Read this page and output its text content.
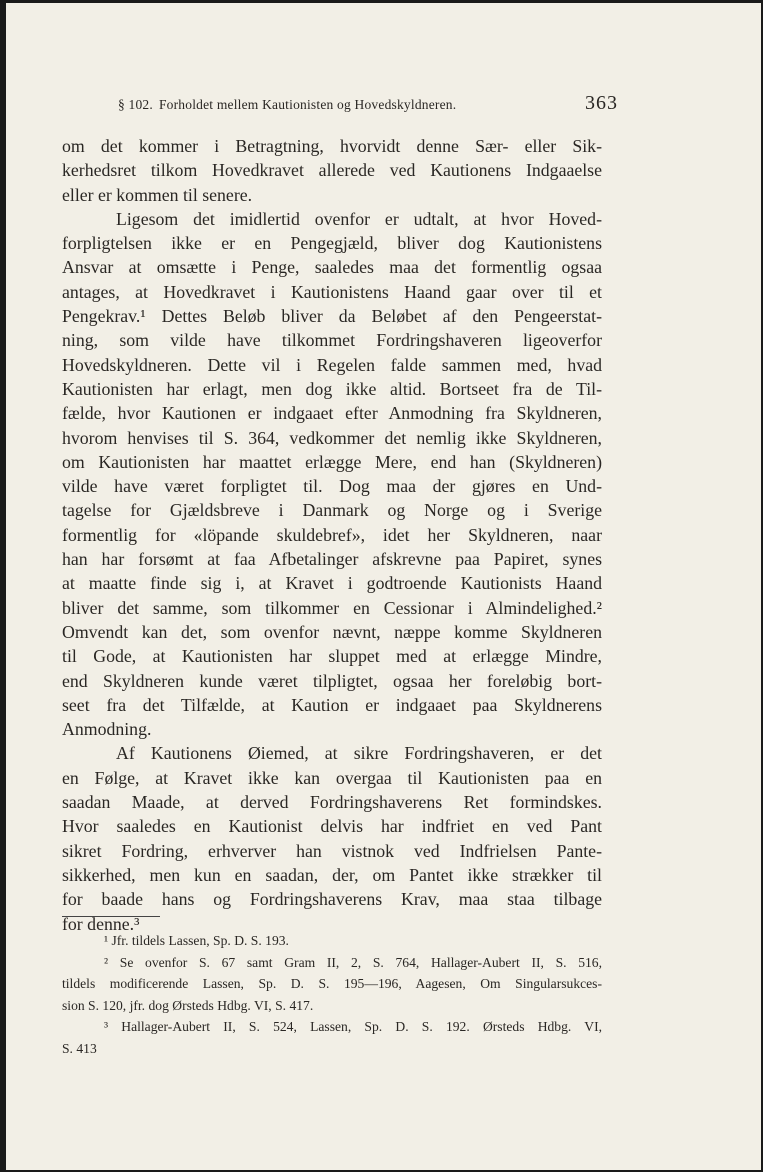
§ 102. Forholdet mellem Kautionisten og Hovedskyldneren.	363
om det kommer i Betragtning, hvorvidt denne Sær- eller Sik-
kerhedsret tilkom Hovedkravet allerede ved Kautionens Indgaaelse
eller er kommen til senere.
Ligesom det imidlertid ovenfor er udtalt, at hvor Hoved-
forpligtelsen ikke er en Pengegjæld, bliver dog Kautionistens
Ansvar at omsætte i Penge, saaledes maa det formentlig ogsaa
antages, at Hovedkravet i Kautionistens Haand gaar over til et
Pengekrav.¹ Dettes Beløb bliver da Beløbet af den Pengeerstat-
ning, som vilde have tilkommet Fordringshaveren ligeoverfor
Hovedskyldneren. Dette vil i Regelen falde sammen med, hvad
Kautionisten har erlagt, men dog ikke altid. Bortseet fra de Til-
fælde, hvor Kautionen er indgaaet efter Anmodning fra Skyldneren,
hvorom henvises til S. 364, vedkommer det nemlig ikke Skyldneren,
om Kautionisten har maattet erlægge Mere, end han (Skyldneren)
vilde have været forpligtet til. Dog maa der gjøres en Und-
tagelse for Gjældsbreve i Danmark og Norge og i Sverige
formentlig for «löpande skuldebref», idet her Skyldneren, naar
han har forsømt at faa Afbetalinger afskrevne paa Papiret, synes
at maatte finde sig i, at Kravet i godtroende Kautionists Haand
bliver det samme, som tilkommer en Cessionar i Almindelighed.²
Omvendt kan det, som ovenfor nævnt, næppe komme Skyldneren
til Gode, at Kautionisten har sluppet med at erlægge Mindre,
end Skyldneren kunde været tilpligtet, ogsaa her foreløbig bort-
seet fra det Tilfælde, at Kaution er indgaaet paa Skyldnerens
Anmodning.
Af Kautionens Øiemed, at sikre Fordringshaveren, er det
en Følge, at Kravet ikke kan overgaa til Kautionisten paa en
saadan Maade, at derved Fordringshaverens Ret formindskes.
Hvor saaledes en Kautionist delvis har indfriet en ved Pant
sikret Fordring, erhverver han vistnok ved Indfrielsen Pante-
sikkerhed, men kun en saadan, der, om Pantet ikke strækker til
for baade hans og Fordringshaverens Krav, maa staa tilbage
for denne.³
¹ Jfr. tildels Lassen, Sp. D. S. 193.
² Se ovenfor S. 67 samt Gram II, 2, S. 764, Hallager-Aubert II, S. 516,
tildels modificerende Lassen, Sp. D. S. 195—196, Aagesen, Om Singularsukces-
sion S. 120, jfr. dog Ørsteds Hdbg. VI, S. 417.
³ Hallager-Aubert II, S. 524, Lassen, Sp. D. S. 192. Ørsteds Hdbg. VI,
S. 413
